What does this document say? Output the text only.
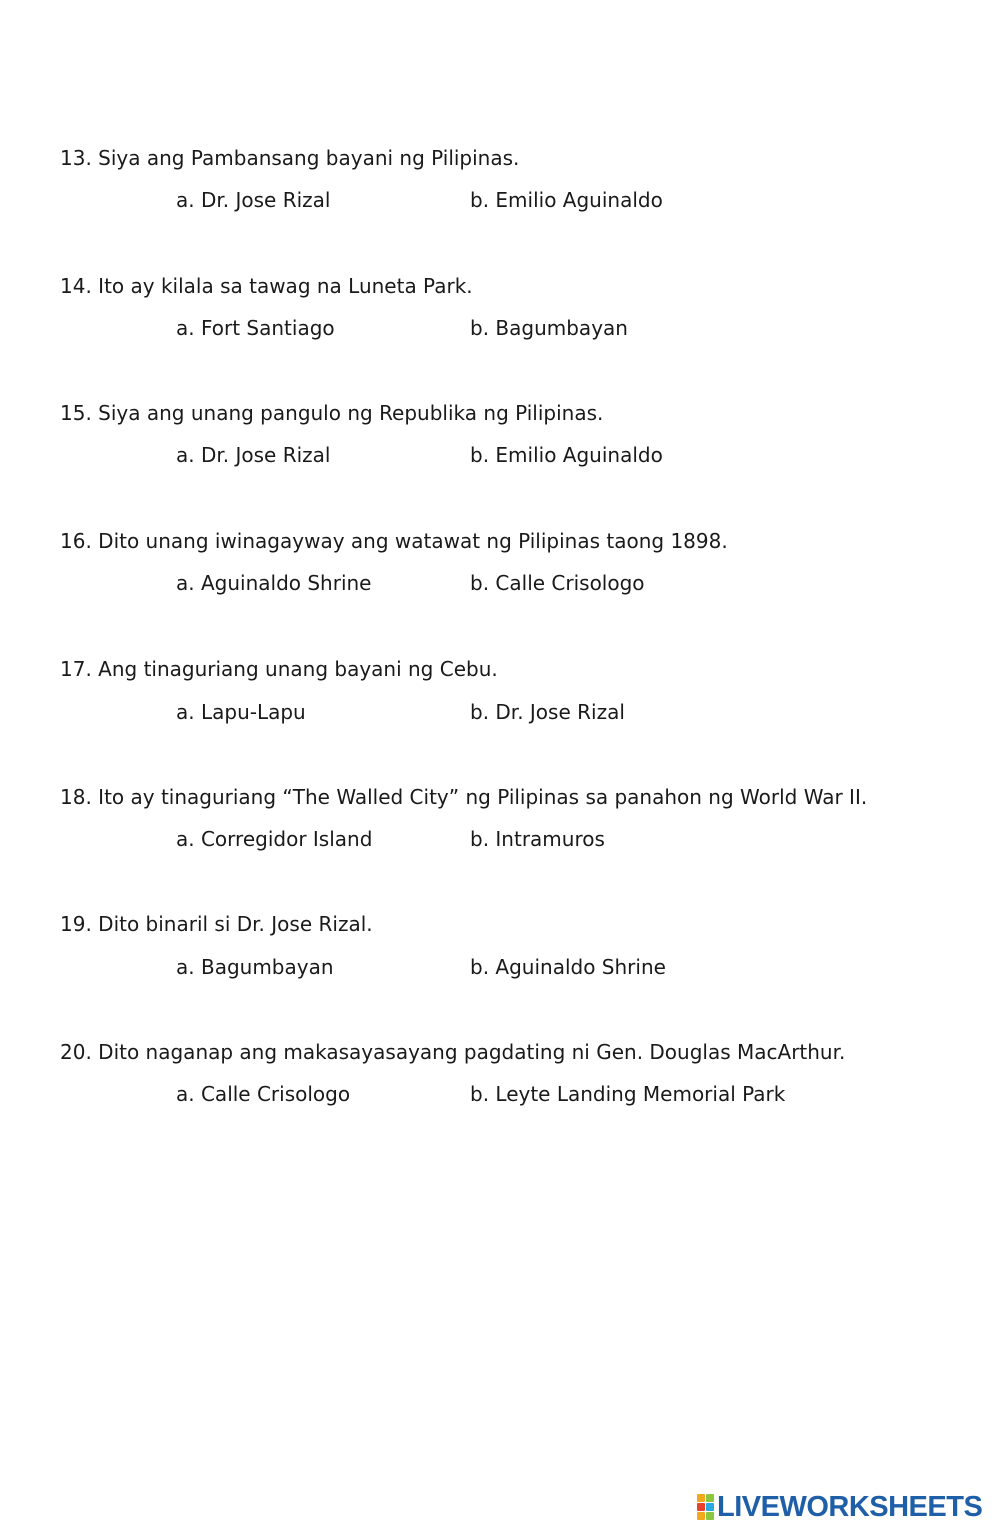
13. Siya ang Pambansang bayani ng Pilipinas.
a. Dr. Jose Rizal	b. Emilio Aguinaldo
14. Ito ay kilala sa tawag na Luneta Park.
a. Fort Santiago	b. Bagumbayan
15. Siya ang unang pangulo ng Republika ng Pilipinas.
a. Dr. Jose Rizal	b. Emilio Aguinaldo
16. Dito unang iwinagayway ang watawat ng Pilipinas taong 1898.
a. Aguinaldo Shrine	b. Calle Crisologo
17. Ang tinaguriang unang bayani ng Cebu.
a. Lapu-Lapu	b. Dr. Jose Rizal
18. Ito ay tinaguriang “The Walled City” ng Pilipinas sa panahon ng World War II.
a. Corregidor Island	b. Intramuros
19. Dito binaril si Dr. Jose Rizal.
a. Bagumbayan	b. Aguinaldo Shrine
20. Dito naganap ang makasayasayang pagdating ni Gen. Douglas MacArthur.
a. Calle Crisologo	b. Leyte Landing Memorial Park
LIVEWORKSHEETS
